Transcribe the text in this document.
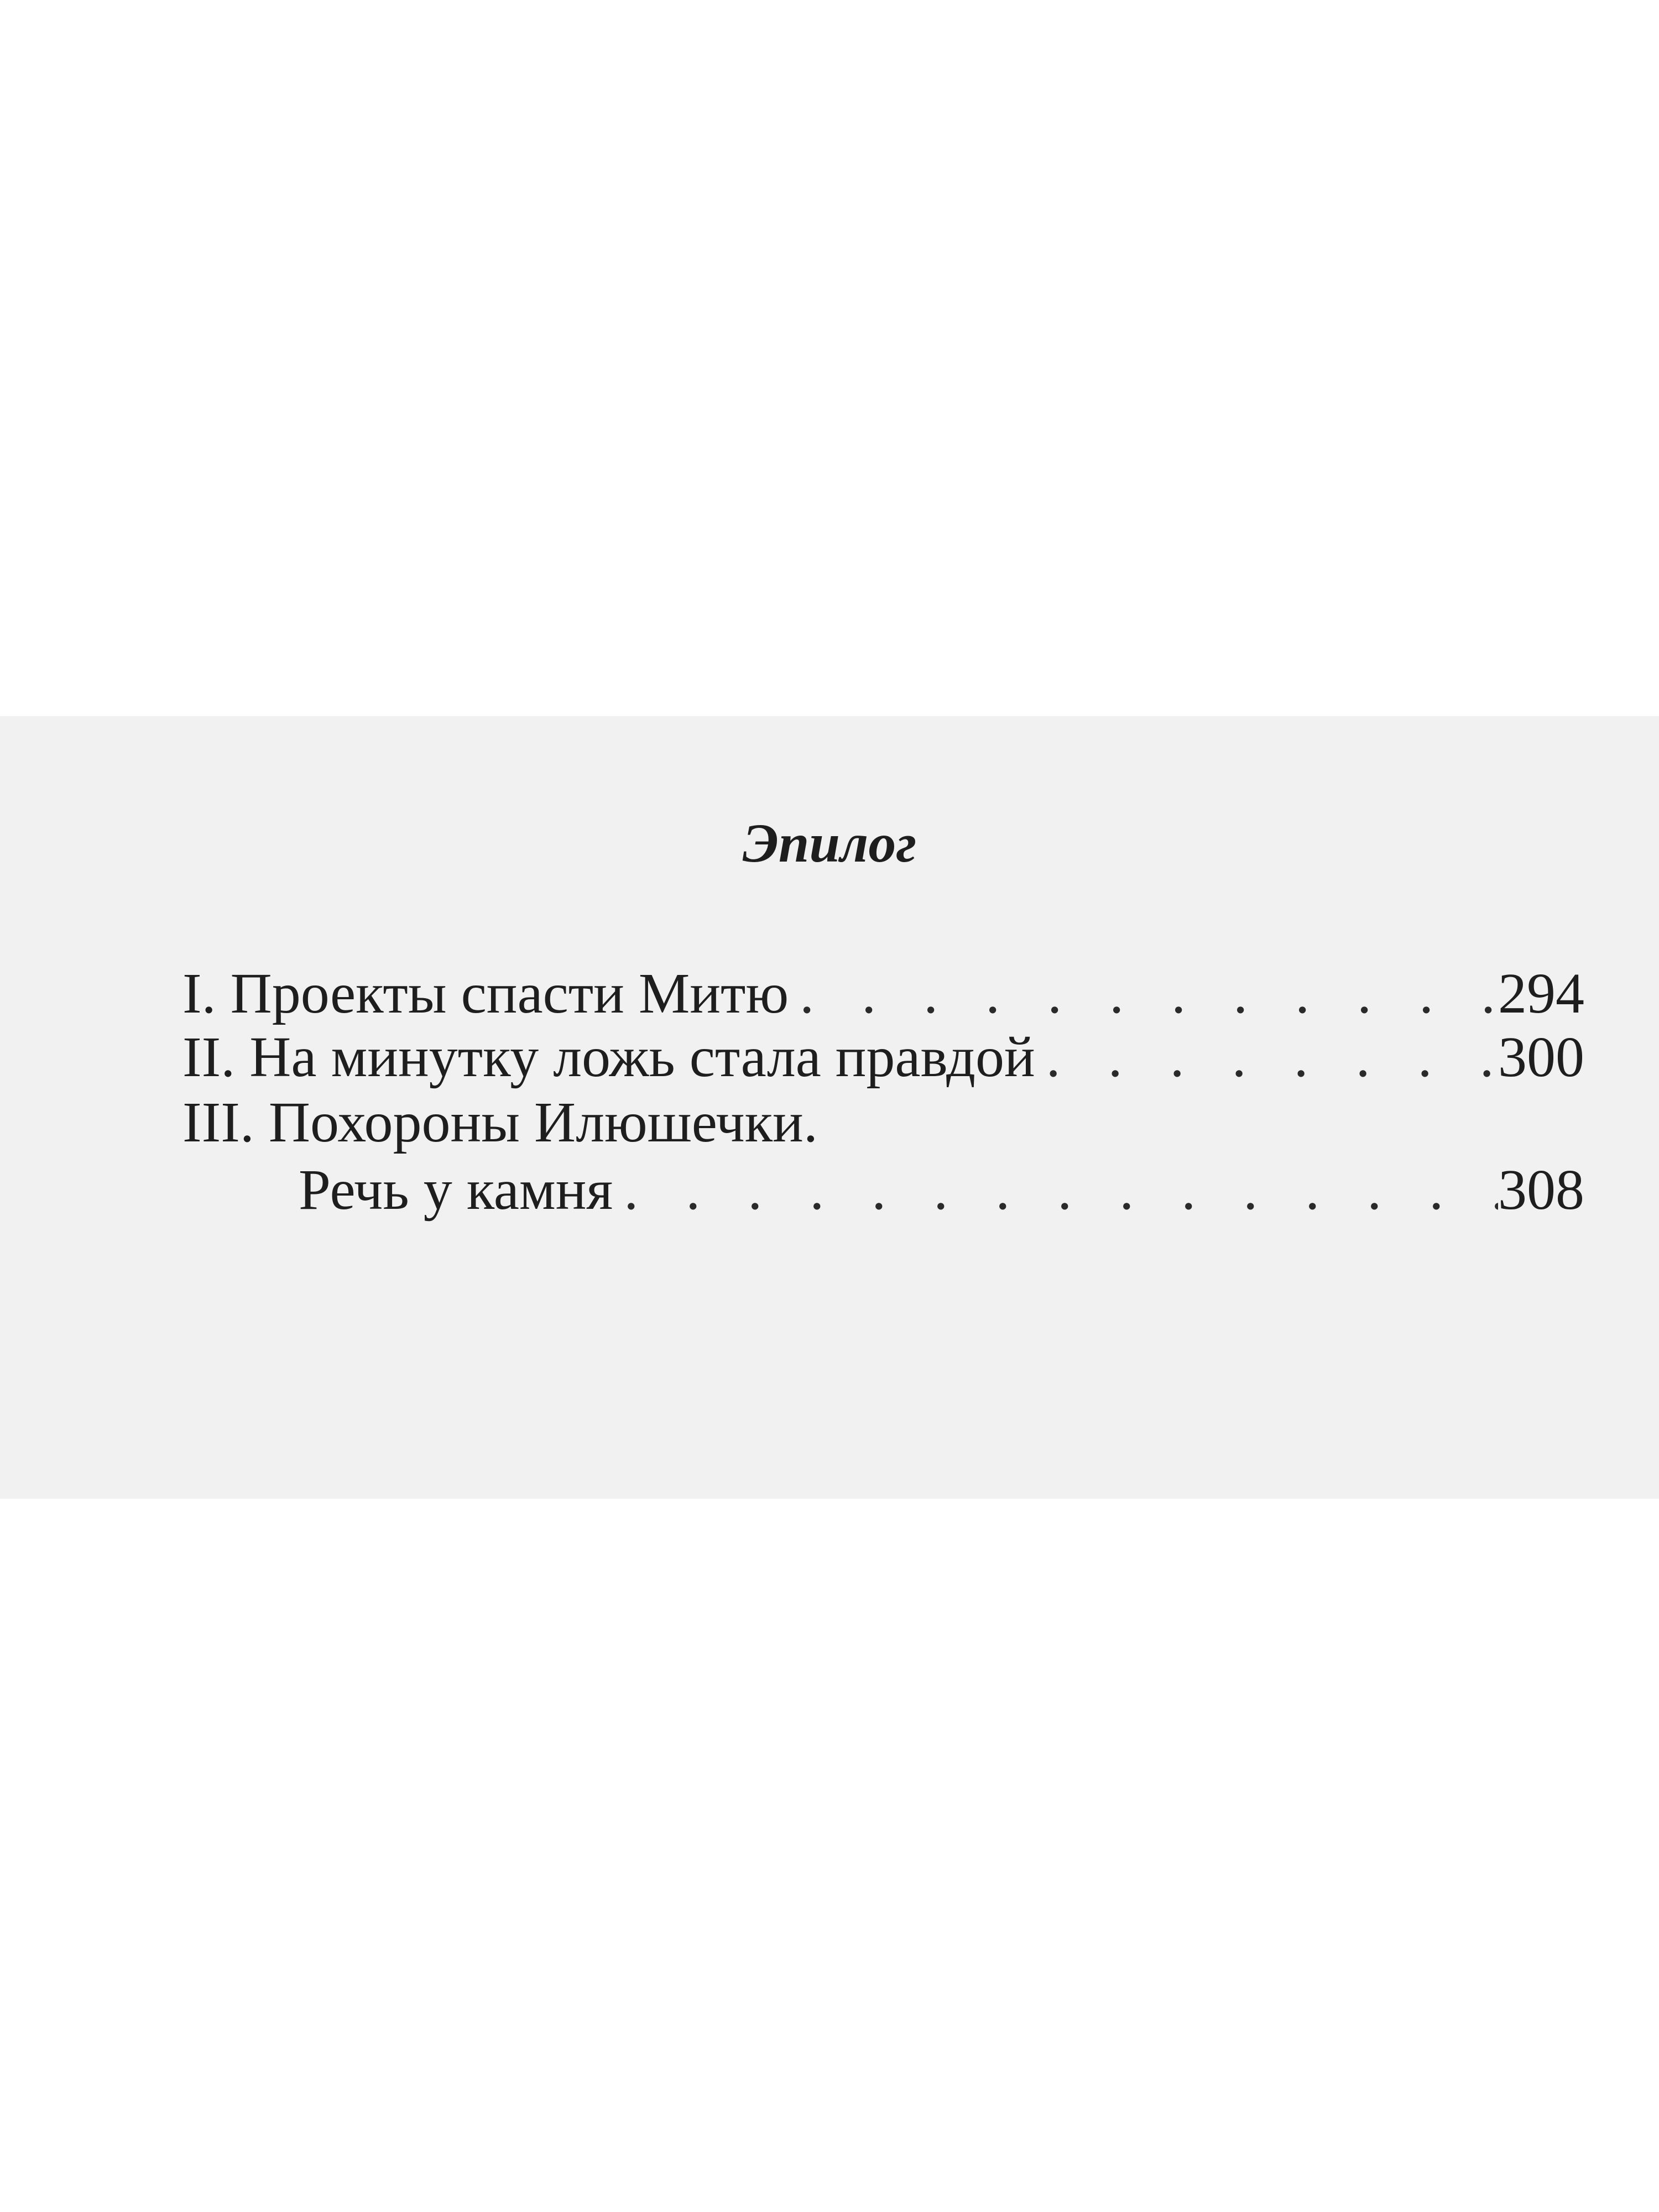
Эпилог
I. Проекты спасти Митю . . .	294
II. На минутку ложь стала правдой . . .	300
III. Похороны Илюшечки.
Речь у камня . . .	308
